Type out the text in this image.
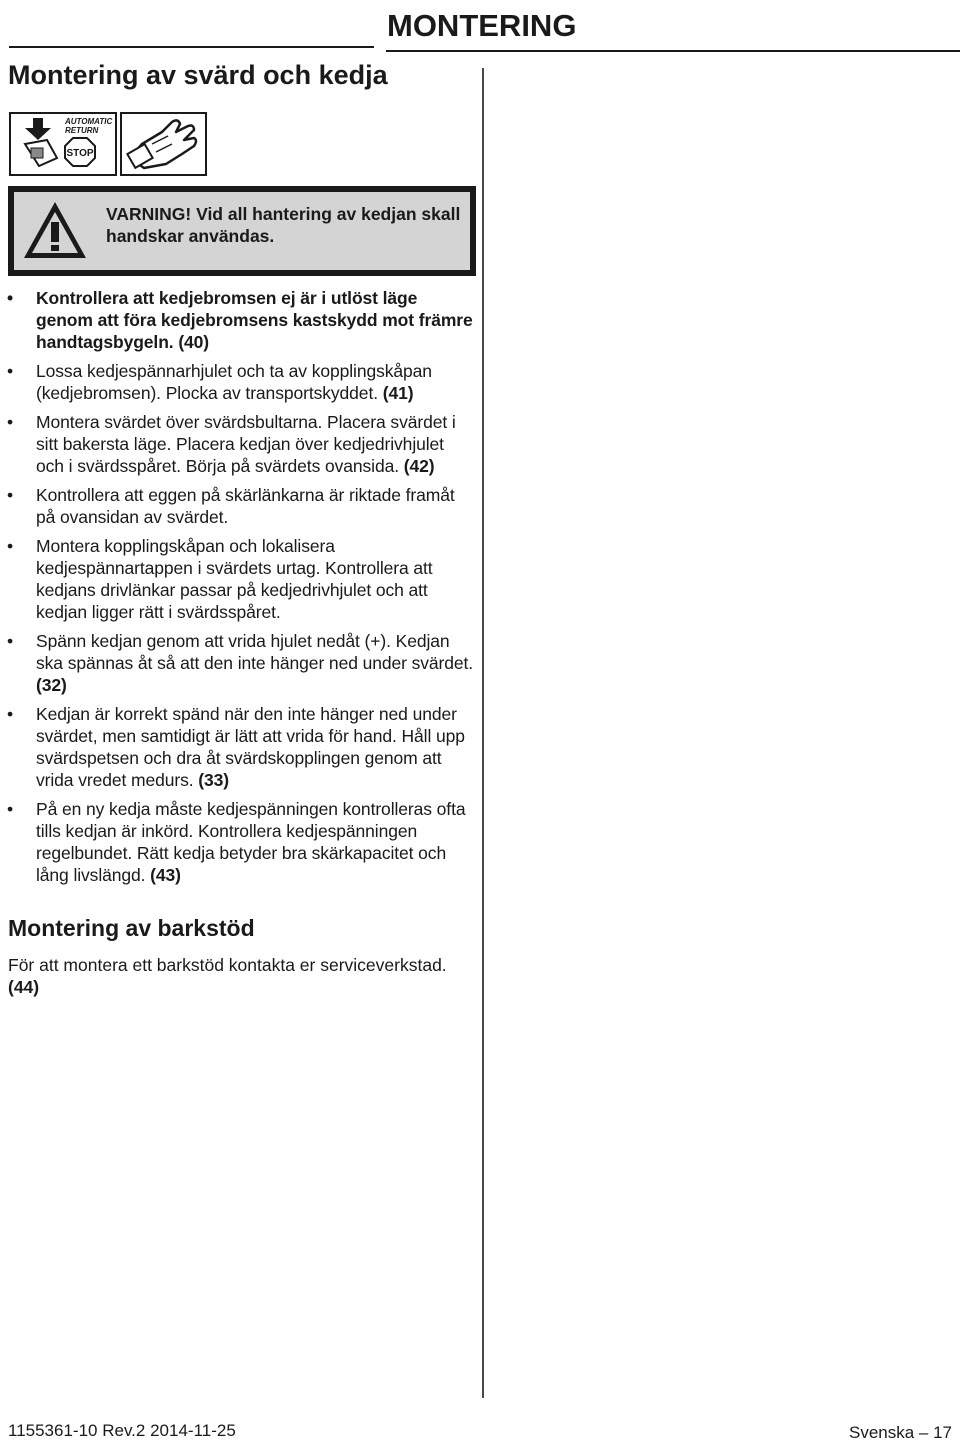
MONTERING
Montering av svärd och kedja
AUTOMATIC
RETURN
STOP

VARNING! Vid all hantering av kedjan skall handskar användas.

• Kontrollera att kedjebromsen ej är i utlöst läge genom att föra kedjebromsens kastskydd mot främre handtagsbygeln. (40)
• Lossa kedjespännarhjulet och ta av kopplingskåpan (kedjebromsen). Plocka av transportskyddet. (41)
• Montera svärdet över svärdsbultarna. Placera svärdet i sitt bakersta läge. Placera kedjan över kedjedrivhjulet och i svärdsspåret. Börja på svärdets ovansida. (42)
• Kontrollera att eggen på skärlänkarna är riktade framåt på ovansidan av svärdet.
• Montera kopplingskåpan och lokalisera kedjespännartappen i svärdets urtag. Kontrollera att kedjans drivlänkar passar på kedjedrivhjulet och att kedjan ligger rätt i svärdsspåret.
• Spänn kedjan genom att vrida hjulet nedåt (+). Kedjan ska spännas åt så att den inte hänger ned under svärdet. (32)
• Kedjan är korrekt spänd när den inte hänger ned under svärdet, men samtidigt är lätt att vrida för hand. Håll upp svärdspetsen och dra åt svärdskopplingen genom att vrida vredet medurs. (33)
• På en ny kedja måste kedjespänningen kontrolleras ofta tills kedjan är inkörd. Kontrollera kedjespänningen regelbundet. Rätt kedja betyder bra skärkapacitet och lång livslängd. (43)
Montering av barkstöd

För att montera ett barkstöd kontakta er serviceverkstad. (44)

1155361-10 Rev.2 2014-11-25	Svenska – 17
